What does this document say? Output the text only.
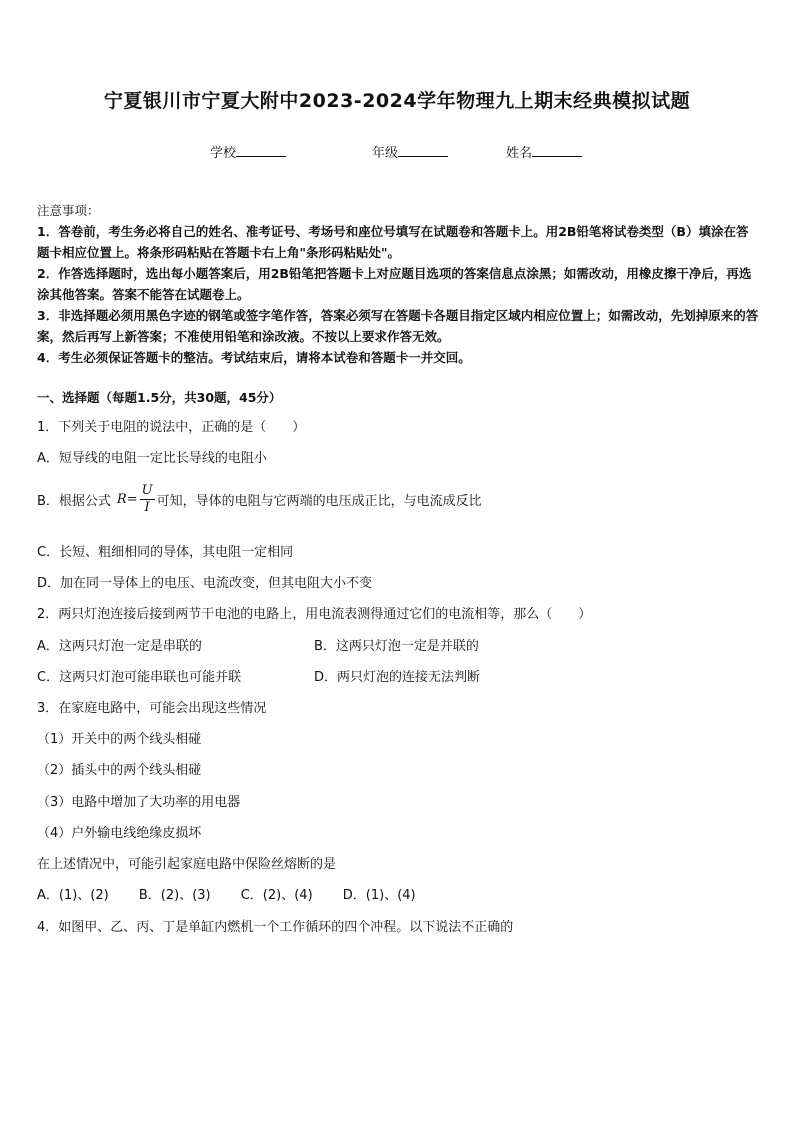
宁夏银川市宁夏大附中2023-2024学年物理九上期末经典模拟试题
学校	年级	姓名

注意事项：

1．答卷前，考生务必将自己的姓名、准考证号、考场号和座位号填写在试题卷和答题卡上。用2B铅笔将试卷类型（B）填涂在答题卡相应位置上。将条形码粘贴在答题卡右上角"条形码粘贴处"。

2．作答选择题时，选出每小题答案后，用2B铅笔把答题卡上对应题目选项的答案信息点涂黑；如需改动，用橡皮擦干净后，再选涂其他答案。答案不能答在试题卷上。

3．非选择题必须用黑色字迹的钢笔或签字笔作答，答案必须写在答题卡各题目指定区域内相应位置上；如需改动，先划掉原来的答案，然后再写上新答案；不准使用铅笔和涂改液。不按以上要求作答无效。

4．考生必须保证答题卡的整洁。考试结束后，请将本试卷和答题卡一并交回。

一、选择题（每题1.5分，共30题，45分）
1．下列关于电阻的说法中，正确的是（　　）
A．短导线的电阻一定比长导线的电阻小
B．根据公式 $R= \frac{U}{I}$ 可知，导体的电阻与它两端的电压成正比，与电流成反比
C．长短、粗细相同的导体，其电阻一定相同
D．加在同一导体上的电压、电流改变，但其电阻大小不变
2．两只灯泡连接后接到两节干电池的电路上，用电流表测得通过它们的电流相等，那么（　　）
A．这两只灯泡一定是串联的	B．这两只灯泡一定是并联的
C．这两只灯泡可能串联也可能并联	D．两只灯泡的连接无法判断
3．在家庭电路中，可能会出现这些情况
（1）开关中的两个线头相碰
（2）插头中的两个线头相碰
（3）电路中增加了大功率的用电器
（4）户外输电线绝缘皮损坏
在上述情况中，可能引起家庭电路中保险丝熔断的是
A．(1)、(2)　　 B．(2)、(3)　　 C．(2)、(4)　　 D．(1)、(4)
4．如图甲、乙、丙、丁是单缸内燃机一个工作循环的四个冲程。以下说法不正确的
